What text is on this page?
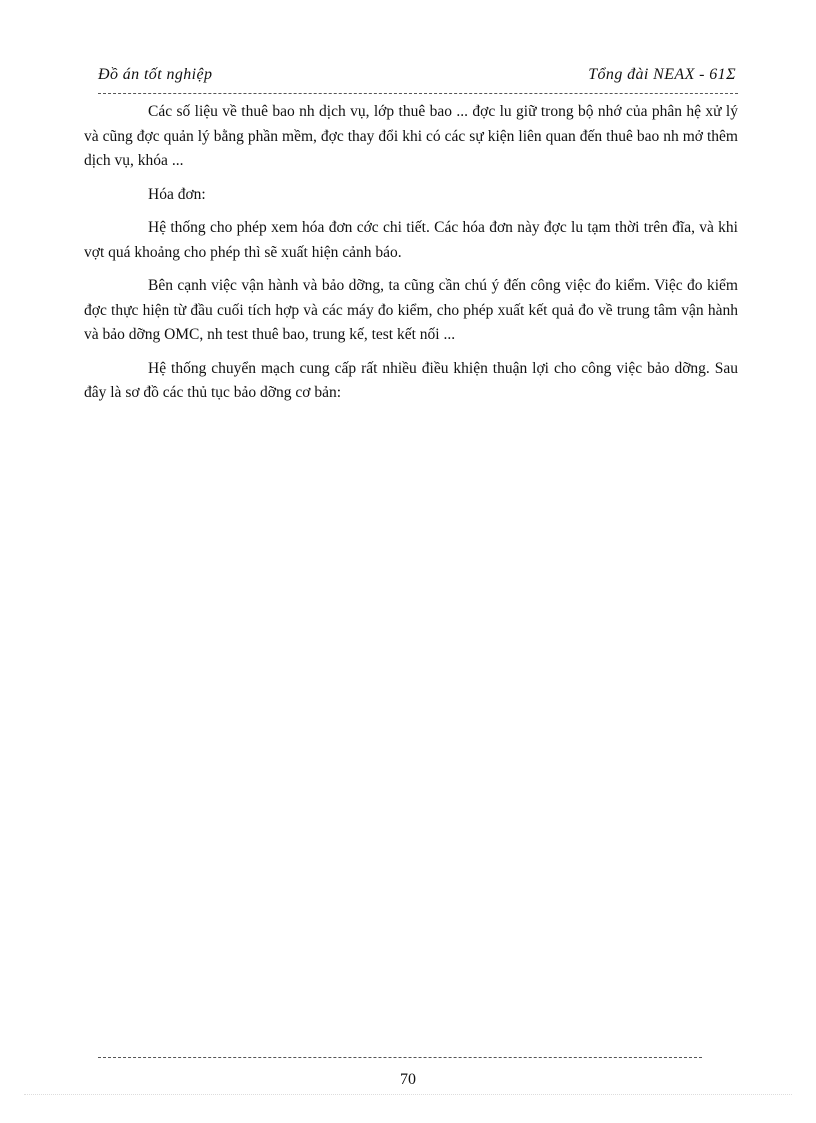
Đồ án tốt nghiệp	Tổng đài NEAX - 61Σ

Các số liệu về thuê bao nh dịch vụ, lớp thuê bao ... đợc lu giữ trong bộ nhớ của phân hệ xử lý và cũng đợc quản lý bằng phần mềm, đợc thay đổi khi có các sự kiện liên quan đến thuê bao nh mở thêm dịch vụ, khóa ...

Hóa đơn:

Hệ thống cho phép xem hóa đơn cớc chi tiết. Các hóa đơn này đợc lu tạm thời trên đĩa, và khi vợt quá khoảng cho phép thì sẽ xuất hiện cảnh báo.

Bên cạnh việc vận hành và bảo dỡng, ta cũng cần chú ý đến công việc đo kiểm. Việc đo kiểm đợc thực hiện từ đầu cuối tích hợp và các máy đo kiểm, cho phép xuất kết quả đo về trung tâm vận hành và bảo dỡng OMC, nh test thuê bao, trung kế, test kết nối ...

Hệ thống chuyển mạch cung cấp rất nhiều điều khiện thuận lợi cho công việc bảo dỡng. Sau đây là sơ đồ các thủ tục bảo dỡng cơ bản:

70
